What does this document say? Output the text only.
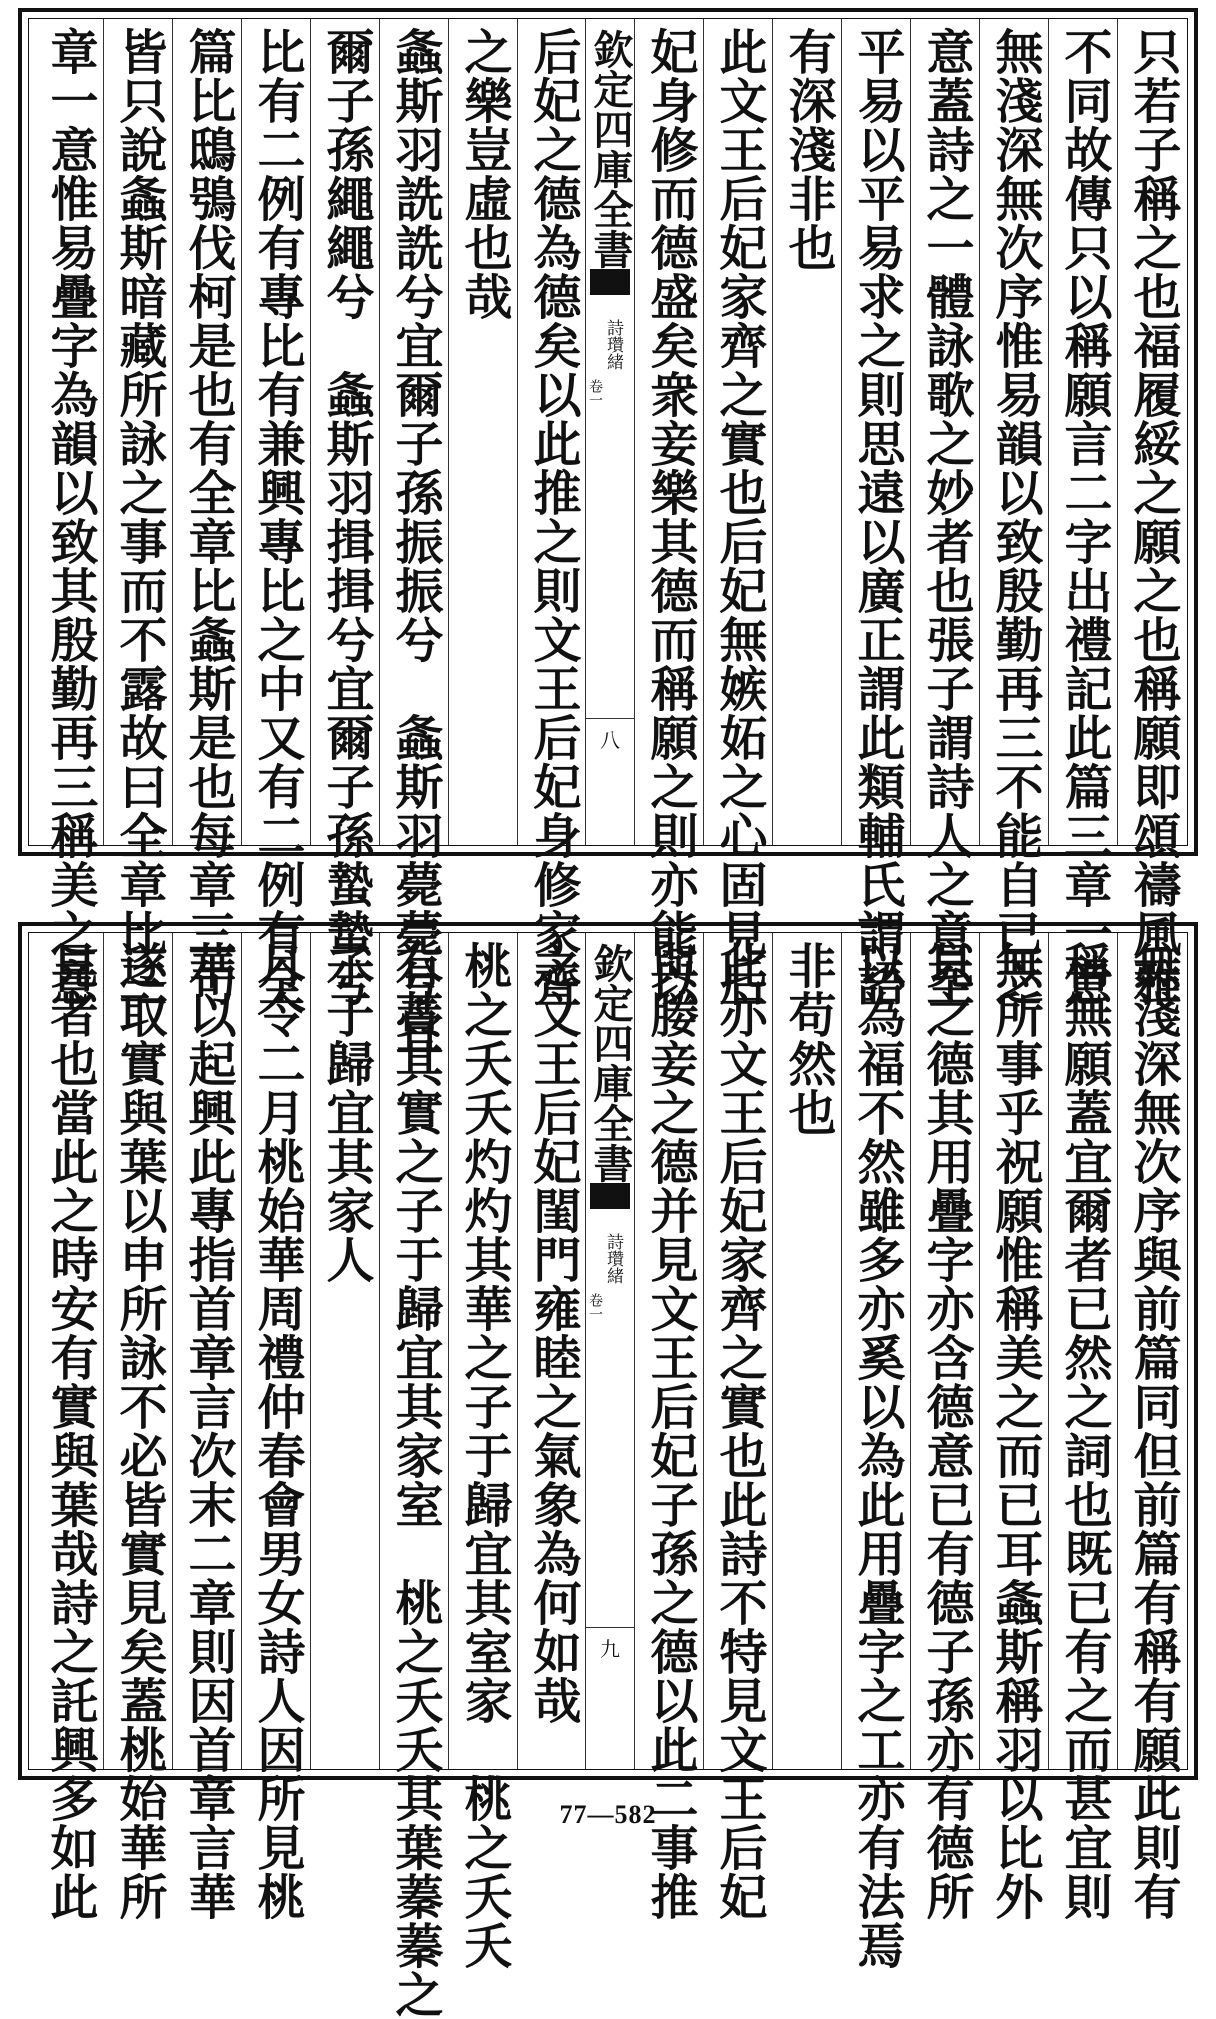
只若子稱之也福履綏之願之也稱願即頌禱風雅
不同故傳只以稱願言二字出禮記此篇三章一意
無淺深無次序惟易韻以致殷勤再三不能自已之
意蓋詩之一體詠歌之妙者也張子謂詩人之意至
平易以平易求之則思遠以廣正謂此類輔氏謂語
有深淺非也
此文王后妃家齊之實也后妃無嫉妬之心固見后
妃身修而德盛矣衆妾樂其德而稱願之則亦能以
欽定四庫全書
詩瓚緒
卷一
八
后妃之德為德矣以此推之則文王后妃身修家齊
之樂豈虛也哉
螽斯羽詵詵兮宜爾子孫振振兮　螽斯羽薨薨兮宜
爾子孫繩繩兮　螽斯羽揖揖兮宜爾子孫蟄蟄兮
比有二例有專比有兼興專比之中又有二例有全
篇比鴟鴞伐柯是也有全章比螽斯是也每章三句
皆只說螽斯暗藏所詠之事而不露故曰全章比三
章一意惟易疊字為韻以致其殷勤再三稱美之意
無淺深無次序與前篇同但前篇有稱有願此則有
稱無願蓋宜爾者已然之詞也既已有之而甚宜則
無所事乎祝願惟稱美之而已耳螽斯稱羽以比外
見之德其用疊字亦含德意已有德子孫亦有德所
以為福不然雖多亦奚以為此用疊字之工亦有法焉
非苟然也
此亦文王后妃家齊之實也此詩不特見文王后妃
與媵妾之德并見文王后妃子孫之德以此二事推
欽定四庫全書
詩瓚緒
卷一
九
之文王后妃閨門雍睦之氣象為何如哉
桃之夭夭灼灼其華之子于歸宜其室家　桃之夭夭
有蕡其實之子于歸宜其家室　桃之夭夭其葉蓁蓁之
子于歸宜其家人
月令二月桃始華周禮仲春會男女詩人因所見桃
華以起興此專指首章言次末二章則因首章言華
遂取實與葉以申所詠不必皆實見矣蓋桃始華所
見者也當此之時安有實與葉哉詩之託興多如此	77—582
